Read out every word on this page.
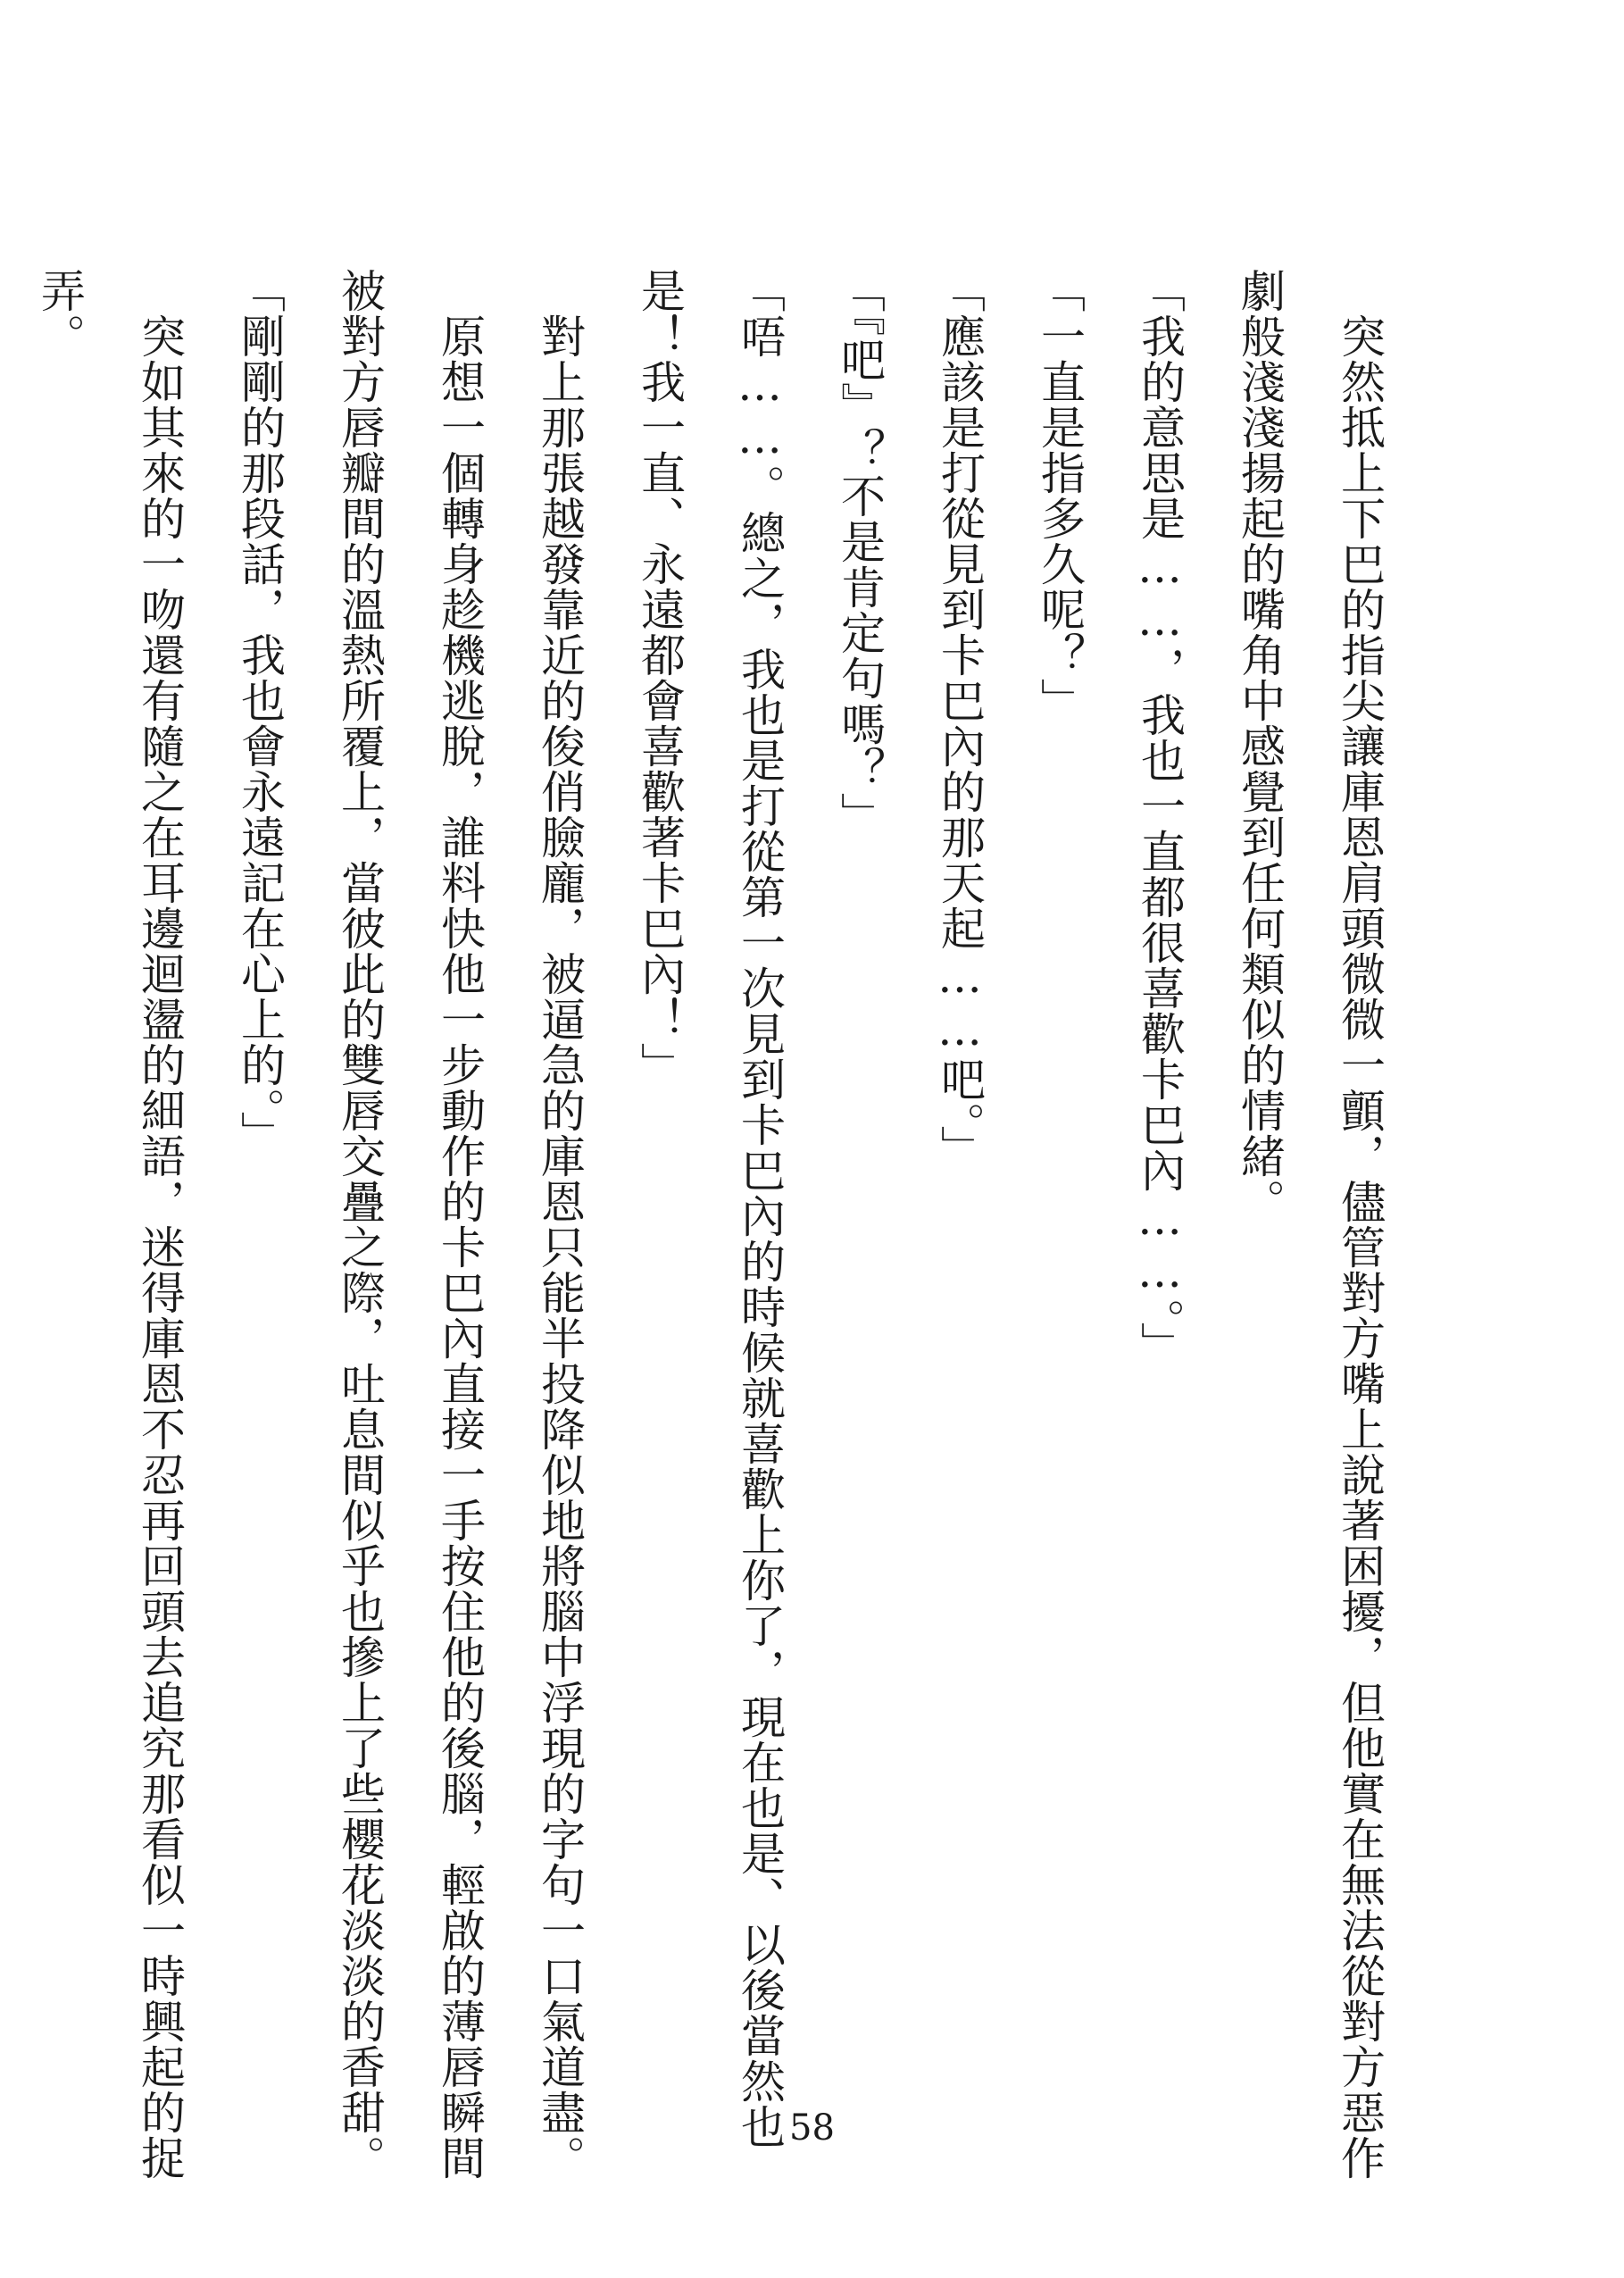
　突然抵上下巴的指尖讓庫恩肩頭微微一顫，儘管對方嘴上說著困擾，但他實在無法從對方惡作
劇般淺淺揚起的嘴角中感覺到任何類似的情緒。
「我的意思是……，我也一直都很喜歡卡巴內……。」
「一直是指多久呢？」
「應該是打從見到卡巴內的那天起……吧。」
「『吧』？不是肯定句嗎？」
「唔……。總之，我也是打從第一次見到卡巴內的時候就喜歡上你了，現在也是、以後當然也
是！我一直、永遠都會喜歡著卡巴內！」
　對上那張越發靠近的俊俏臉龐，被逼急的庫恩只能半投降似地將腦中浮現的字句一口氣道盡。
　原想一個轉身趁機逃脫，誰料快他一步動作的卡巴內直接一手按住他的後腦，輕啟的薄唇瞬間
被對方唇瓣間的溫熱所覆上，當彼此的雙唇交疊之際，吐息間似乎也摻上了些櫻花淡淡的香甜。
「剛剛的那段話，我也會永遠記在心上的。」
　突如其來的一吻還有隨之在耳邊迴盪的細語，迷得庫恩不忍再回頭去追究那看似一時興起的捉
弄。
58
